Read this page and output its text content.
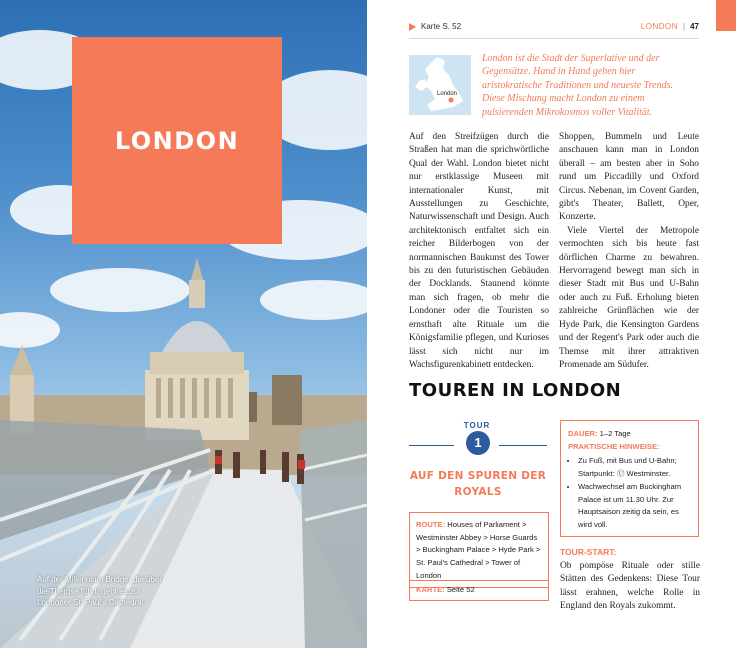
LONDON
Auf der Millennium Bridge, die über die Themse führt, geht es zur Londoner St. Paul's Cathedral
Karte S. 52	LONDON | 47
London
London ist die Stadt der Superlative und der Gegensätze. Hand in Hand gehen hier aristokratische Traditionen und neueste Trends. Diese Mischung macht London zu einem pulsierenden Mikrokosmos voller Vitalität.

Auf den Streifzügen durch die Straßen hat man die sprichwörtliche Qual der Wahl. London bietet nicht nur erstklassige Museen mit internationaler Kunst, mit Ausstellungen zu Geschichte, Naturwissenschaft und Design. Auch architektonisch entfaltet sich ein reicher Bilderbogen von der normannischen Baukunst des Tower bis zu den futuristischen Gebäuden der Docklands. Staunend könnte man sich fragen, ob mehr die Londoner oder die Touristen so ernsthaft alte Rituale um die Königsfamilie pflegen, und Kurioses lässt sich nicht nur im Wachsfigurenkabinett entdecken.

Shoppen, Bummeln und Leute anschauen kann man in London überall – am besten aber in Soho rund um Piccadilly und Oxford Circus. Nebenan, im Covent Garden, gibt's Theater, Ballett, Oper, Konzerte.

Viele Viertel der Metropole vermochten sich bis heute fast dörflichen Charme zu bewahren. Hervorragend bewegt man sich in dieser Stadt mit Bus und U-Bahn oder auch zu Fuß. Erholung bieten zahlreiche Grünflächen wie der Hyde Park, die Kensington Gardens und der Regent's Park oder auch die Themse mit ihrer attraktiven Promenade am Südufer.

TOUREN IN LONDON
TOUR
1
AUF DEN SPUREN DER ROYALS
ROUTE: Houses of Parliament > Westminster Abbey > Horse Guards > Buckingham Palace > Hyde Park > St. Paul's Cathedral > Tower of London
KARTE: Seite 52
DAUER: 1–2 Tage
PRAKTISCHE HINWEISE:
• Zu Fuß, mit Bus und U-Bahn; Startpunkt: Ⓤ Westminster.
• Wachwechsel am Buckingham Palace ist um 11.30 Uhr. Zur Hauptsaison zeitig da sein, es wird voll.
TOUR-START:
Ob pompöse Rituale oder stille Stätten des Gedenkens: Diese Tour lässt erahnen, welche Rolle in England den Royals zukommt.
